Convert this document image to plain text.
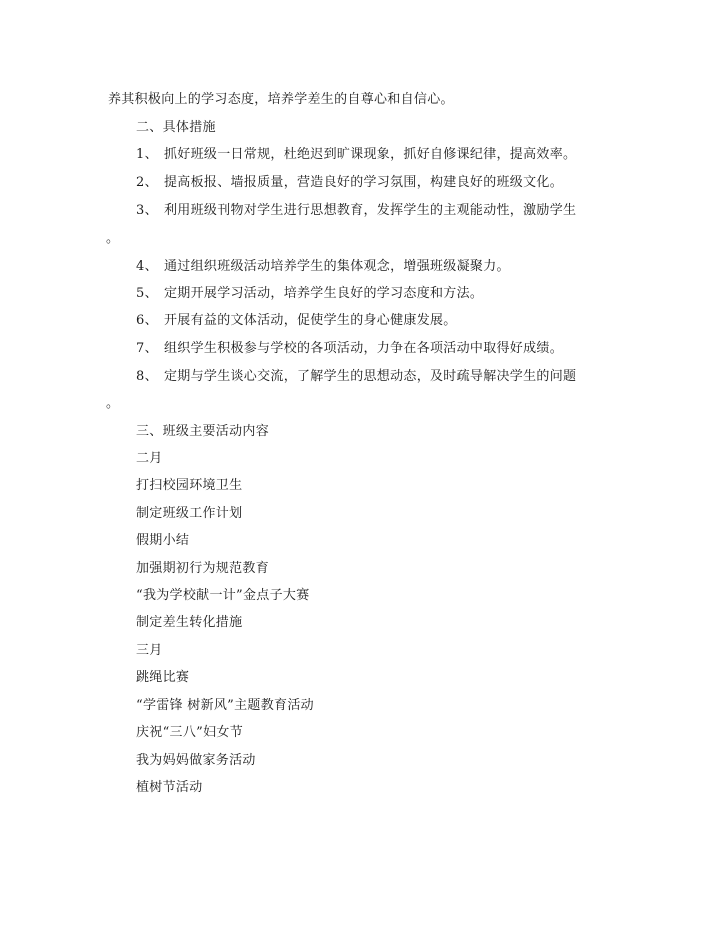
养其积极向上的学习态度，培养学差生的自尊心和自信心。
二、具体措施
1、 抓好班级一日常规，杜绝迟到旷课现象，抓好自修课纪律，提高效率。
2、 提高板报、墙报质量，营造良好的学习氛围，构建良好的班级文化。
3、 利用班级刊物对学生进行思想教育，发挥学生的主观能动性，激励学生
。
4、 通过组织班级活动培养学生的集体观念，增强班级凝聚力。
5、 定期开展学习活动，培养学生良好的学习态度和方法。
6、 开展有益的文体活动，促使学生的身心健康发展。
7、 组织学生积极参与学校的各项活动，力争在各项活动中取得好成绩。
8、 定期与学生谈心交流，了解学生的思想动态，及时疏导解决学生的问题
。
三、班级主要活动内容
二月
打扫校园环境卫生
制定班级工作计划
假期小结
加强期初行为规范教育
“我为学校献一计”金点子大赛
制定差生转化措施
三月
跳绳比赛
“学雷锋 树新风”主题教育活动
庆祝“三八”妇女节
我为妈妈做家务活动
植树节活动
